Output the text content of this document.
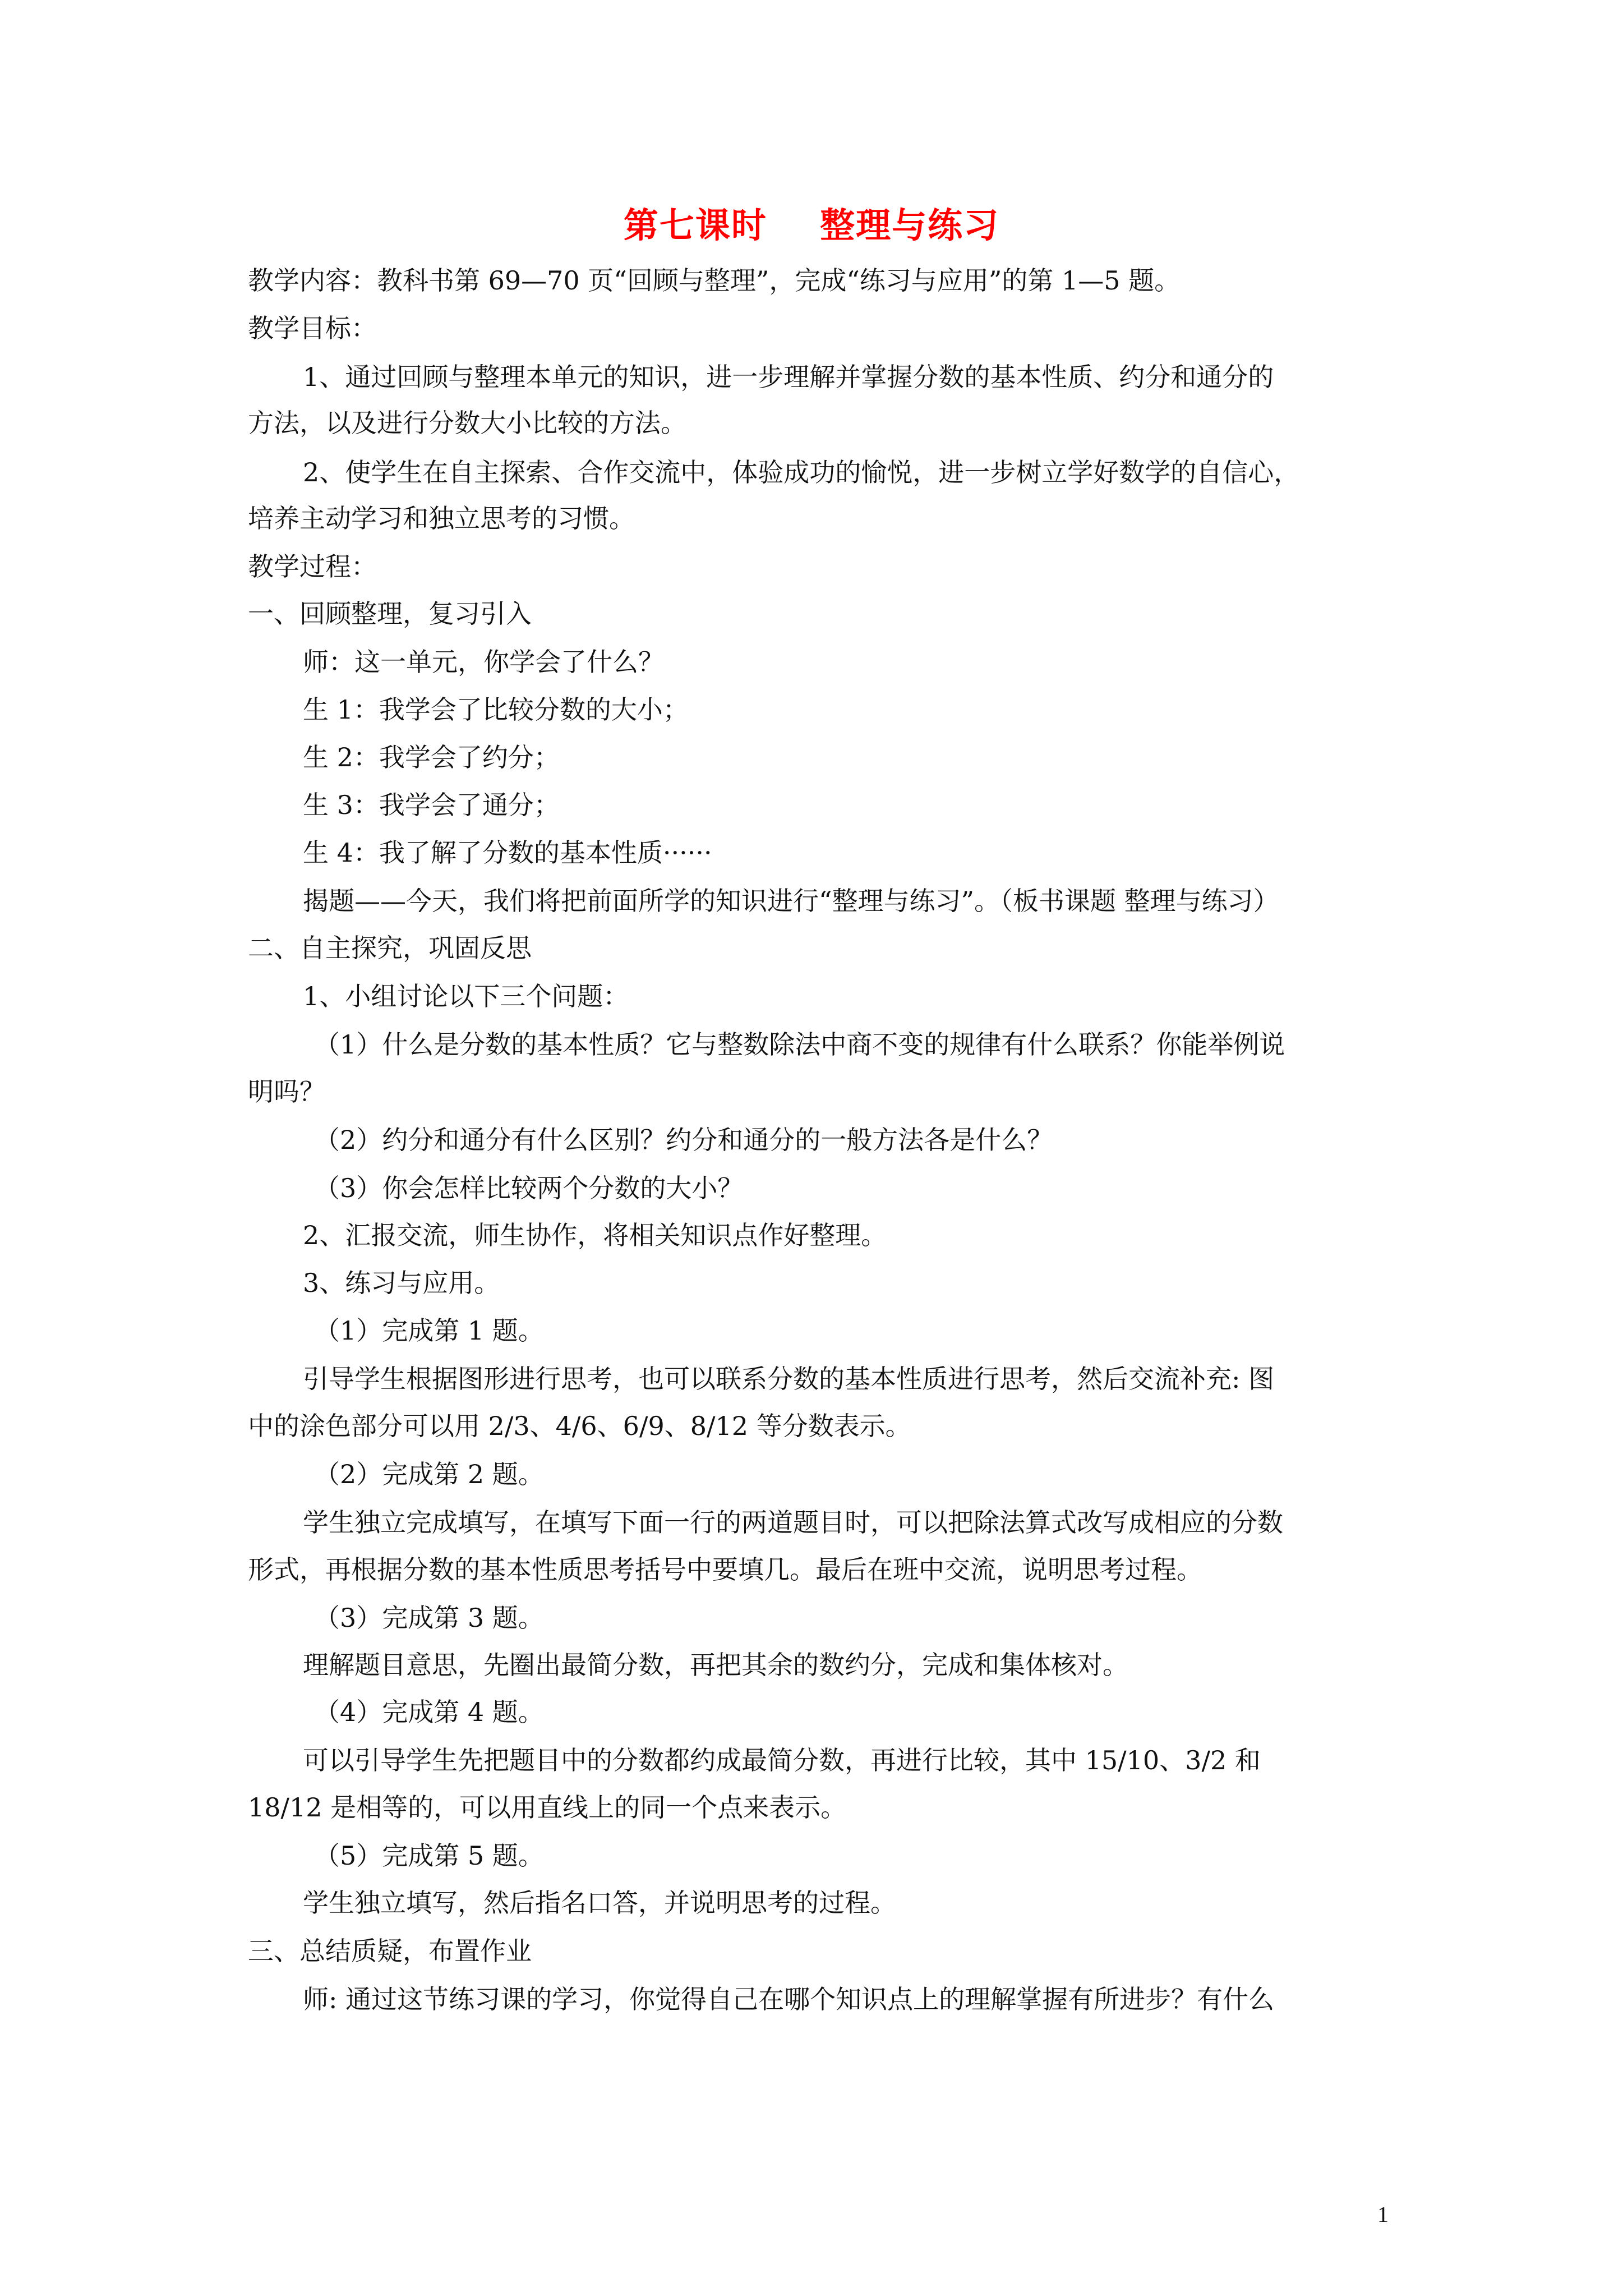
第七课时    整理与练习
教学内容：教科书第 69—70 页“回顾与整理”，完成“练习与应用”的第 1—5 题。
教学目标：
1、通过回顾与整理本单元的知识，进一步理解并掌握分数的基本性质、约分和通分的
方法，以及进行分数大小比较的方法。
2、使学生在自主探索、合作交流中，体验成功的愉悦，进一步树立学好数学的自信心，
培养主动学习和独立思考的习惯。
教学过程：
一、回顾整理，复习引入
师：这一单元，你学会了什么？
生 1：我学会了比较分数的大小；
生 2：我学会了约分；
生 3：我学会了通分；
生 4：我了解了分数的基本性质······
揭题——今天，我们将把前面所学的知识进行“整理与练习”。（板书课题 整理与练习）
二、自主探究，巩固反思
1、小组讨论以下三个问题：
（1）什么是分数的基本性质？它与整数除法中商不变的规律有什么联系？你能举例说
明吗？
（2）约分和通分有什么区别？约分和通分的一般方法各是什么？
（3）你会怎样比较两个分数的大小？
2、汇报交流，师生协作，将相关知识点作好整理。
3、练习与应用。
（1）完成第 1 题。
引导学生根据图形进行思考，也可以联系分数的基本性质进行思考，然后交流补充: 图
中的涂色部分可以用 2/3、4/6、6/9、8/12 等分数表示。
（2）完成第 2 题。
学生独立完成填写，在填写下面一行的两道题目时，可以把除法算式改写成相应的分数
形式，再根据分数的基本性质思考括号中要填几。最后在班中交流，说明思考过程。
（3）完成第 3 题。
理解题目意思，先圈出最简分数，再把其余的数约分，完成和集体核对。
（4）完成第 4 题。
可以引导学生先把题目中的分数都约成最简分数，再进行比较，其中 15/10、3/2 和
18/12 是相等的，可以用直线上的同一个点来表示。
（5）完成第 5 题。
学生独立填写，然后指名口答，并说明思考的过程。
三、总结质疑，布置作业
师: 通过这节练习课的学习，你觉得自己在哪个知识点上的理解掌握有所进步？有什么
1
